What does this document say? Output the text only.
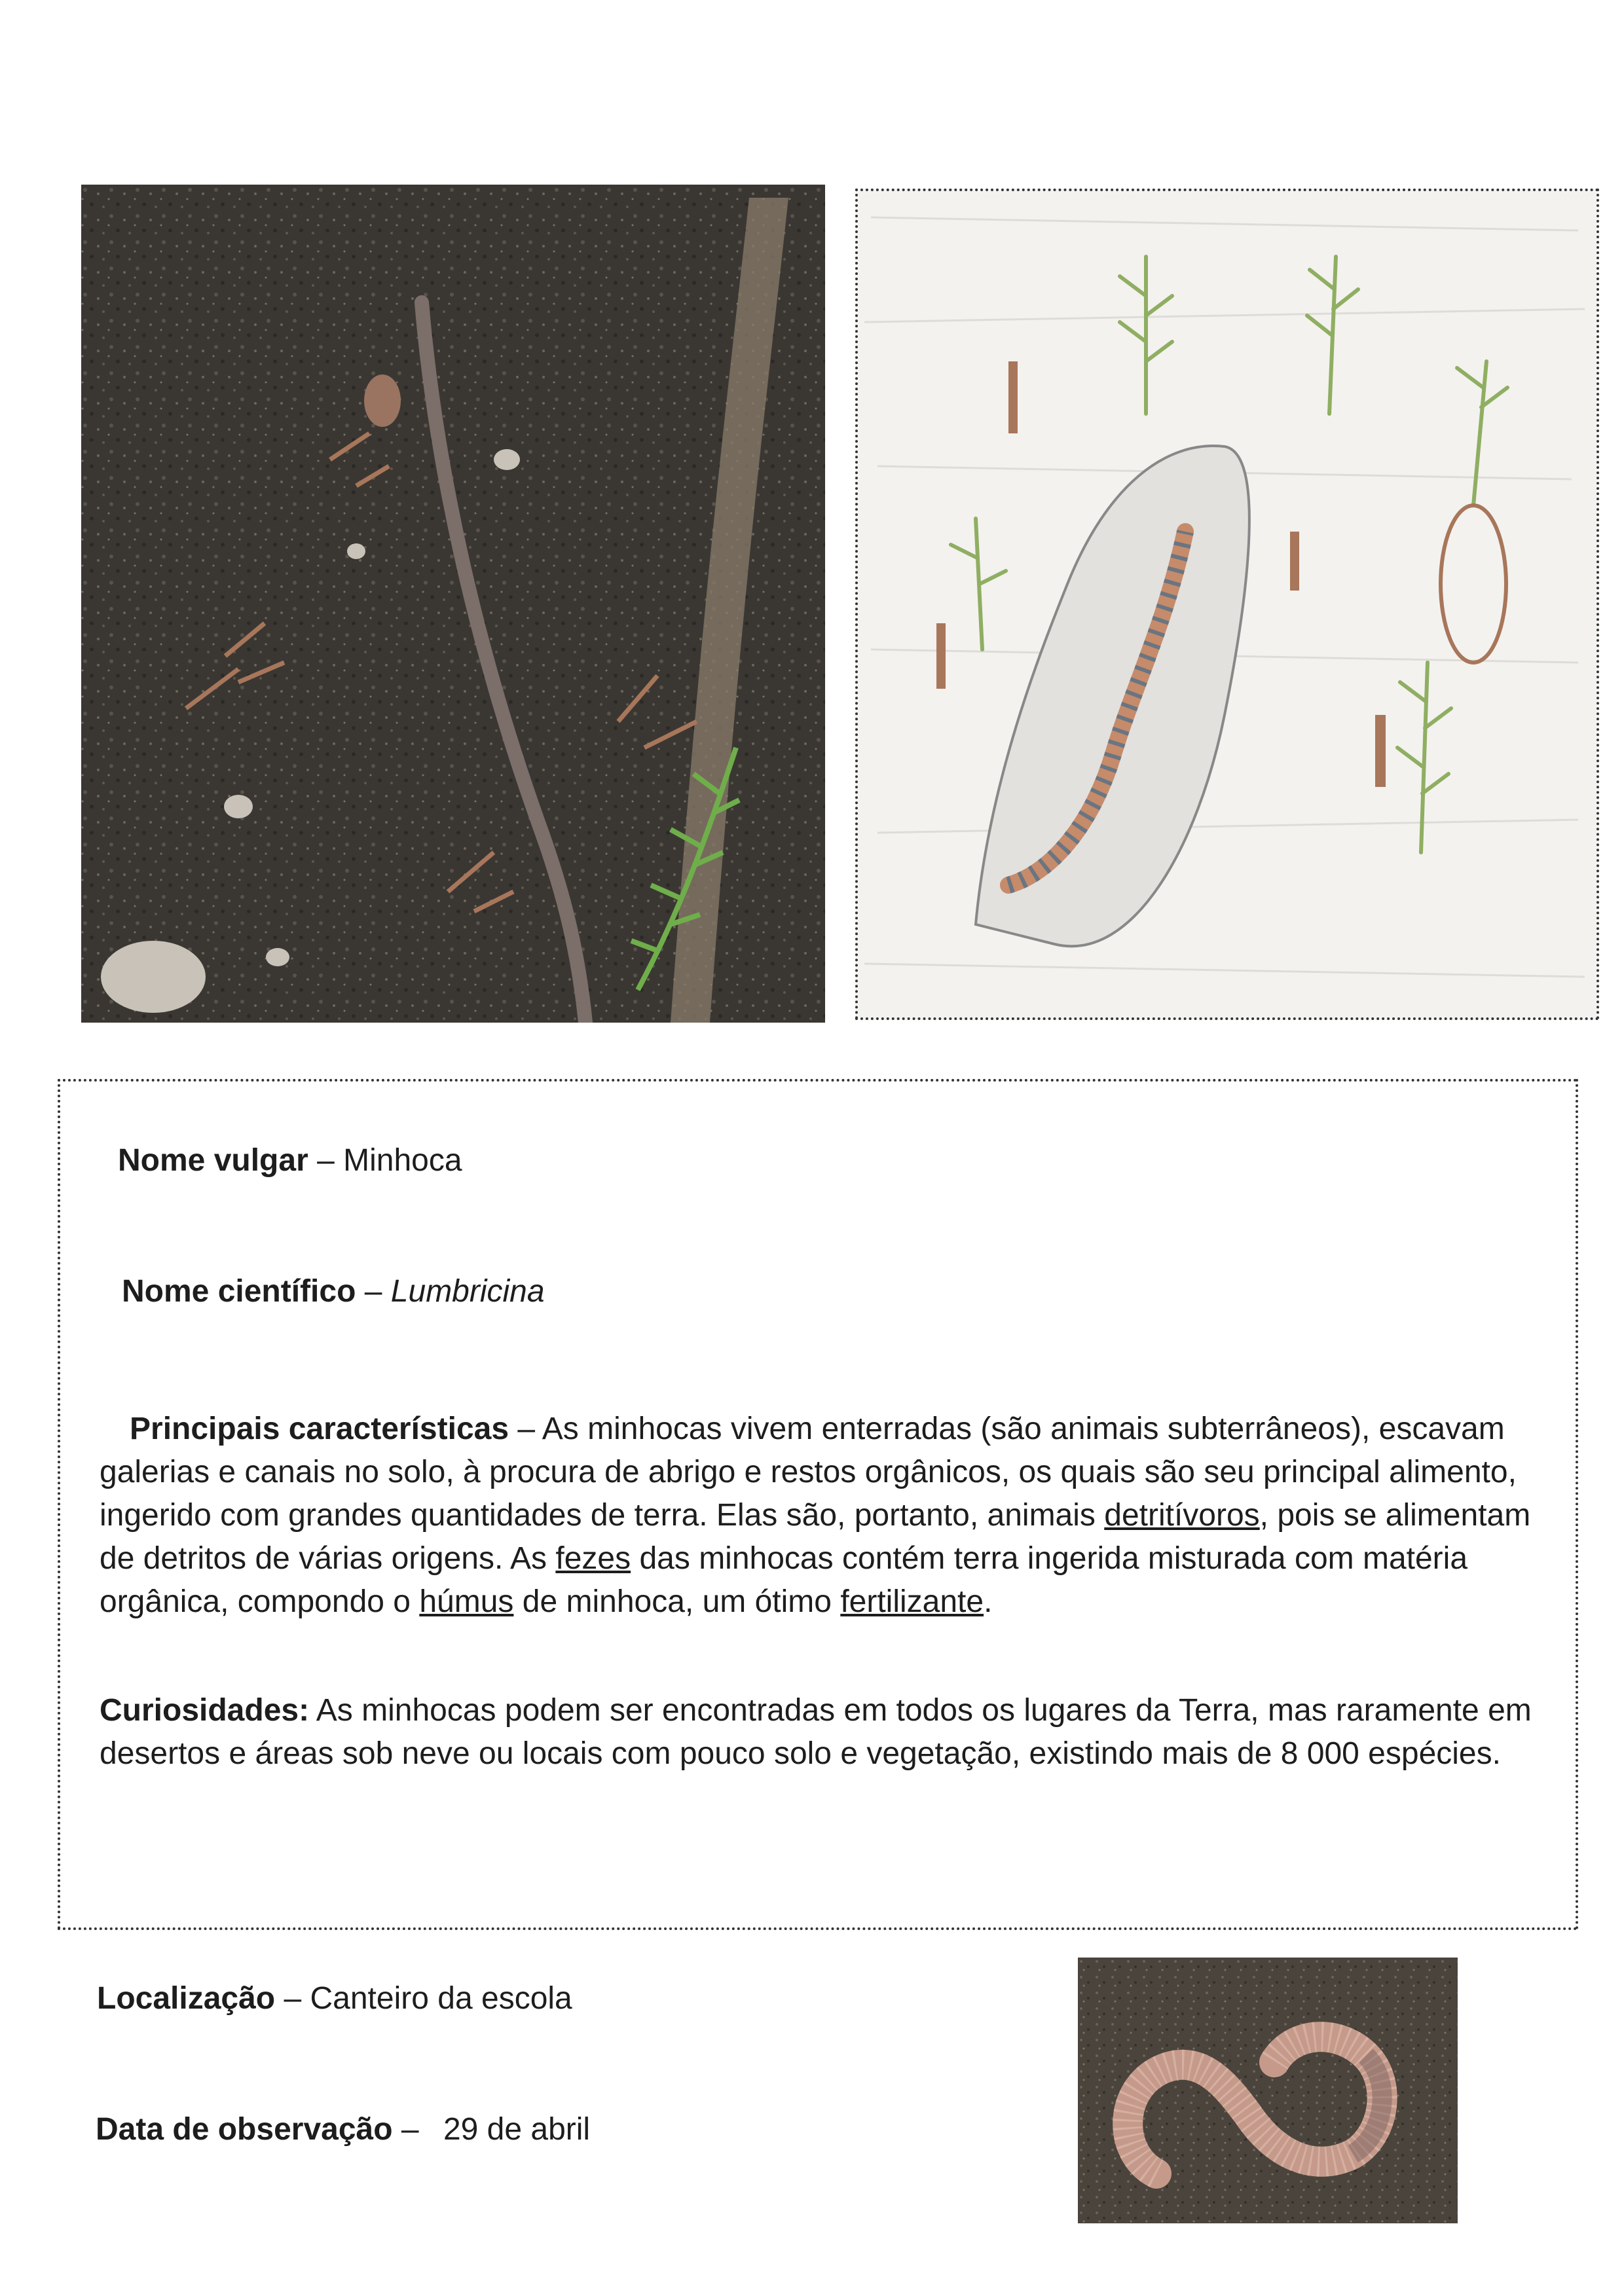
Nome vulgar – Minhoca
Nome científico – Lumbricina
Principais características – As minhocas vivem enterradas (são animais subterrâneos), escavam galerias e canais no solo, à procura de abrigo e restos orgânicos, os quais são seu principal alimento, ingerido com grandes quantidades de terra. Elas são, portanto, animais detritívoros, pois se alimentam de detritos de várias origens. As fezes das minhocas contém terra ingerida misturada com matéria orgânica, compondo o húmus de minhoca, um ótimo fertilizante.
Curiosidades: As minhocas podem ser encontradas em todos os lugares da Terra, mas raramente em desertos e áreas sob neve ou locais com pouco solo e vegetação, existindo mais de 8 000 espécies.
Localização – Canteiro da escola
Data de observação – 29 de abril
